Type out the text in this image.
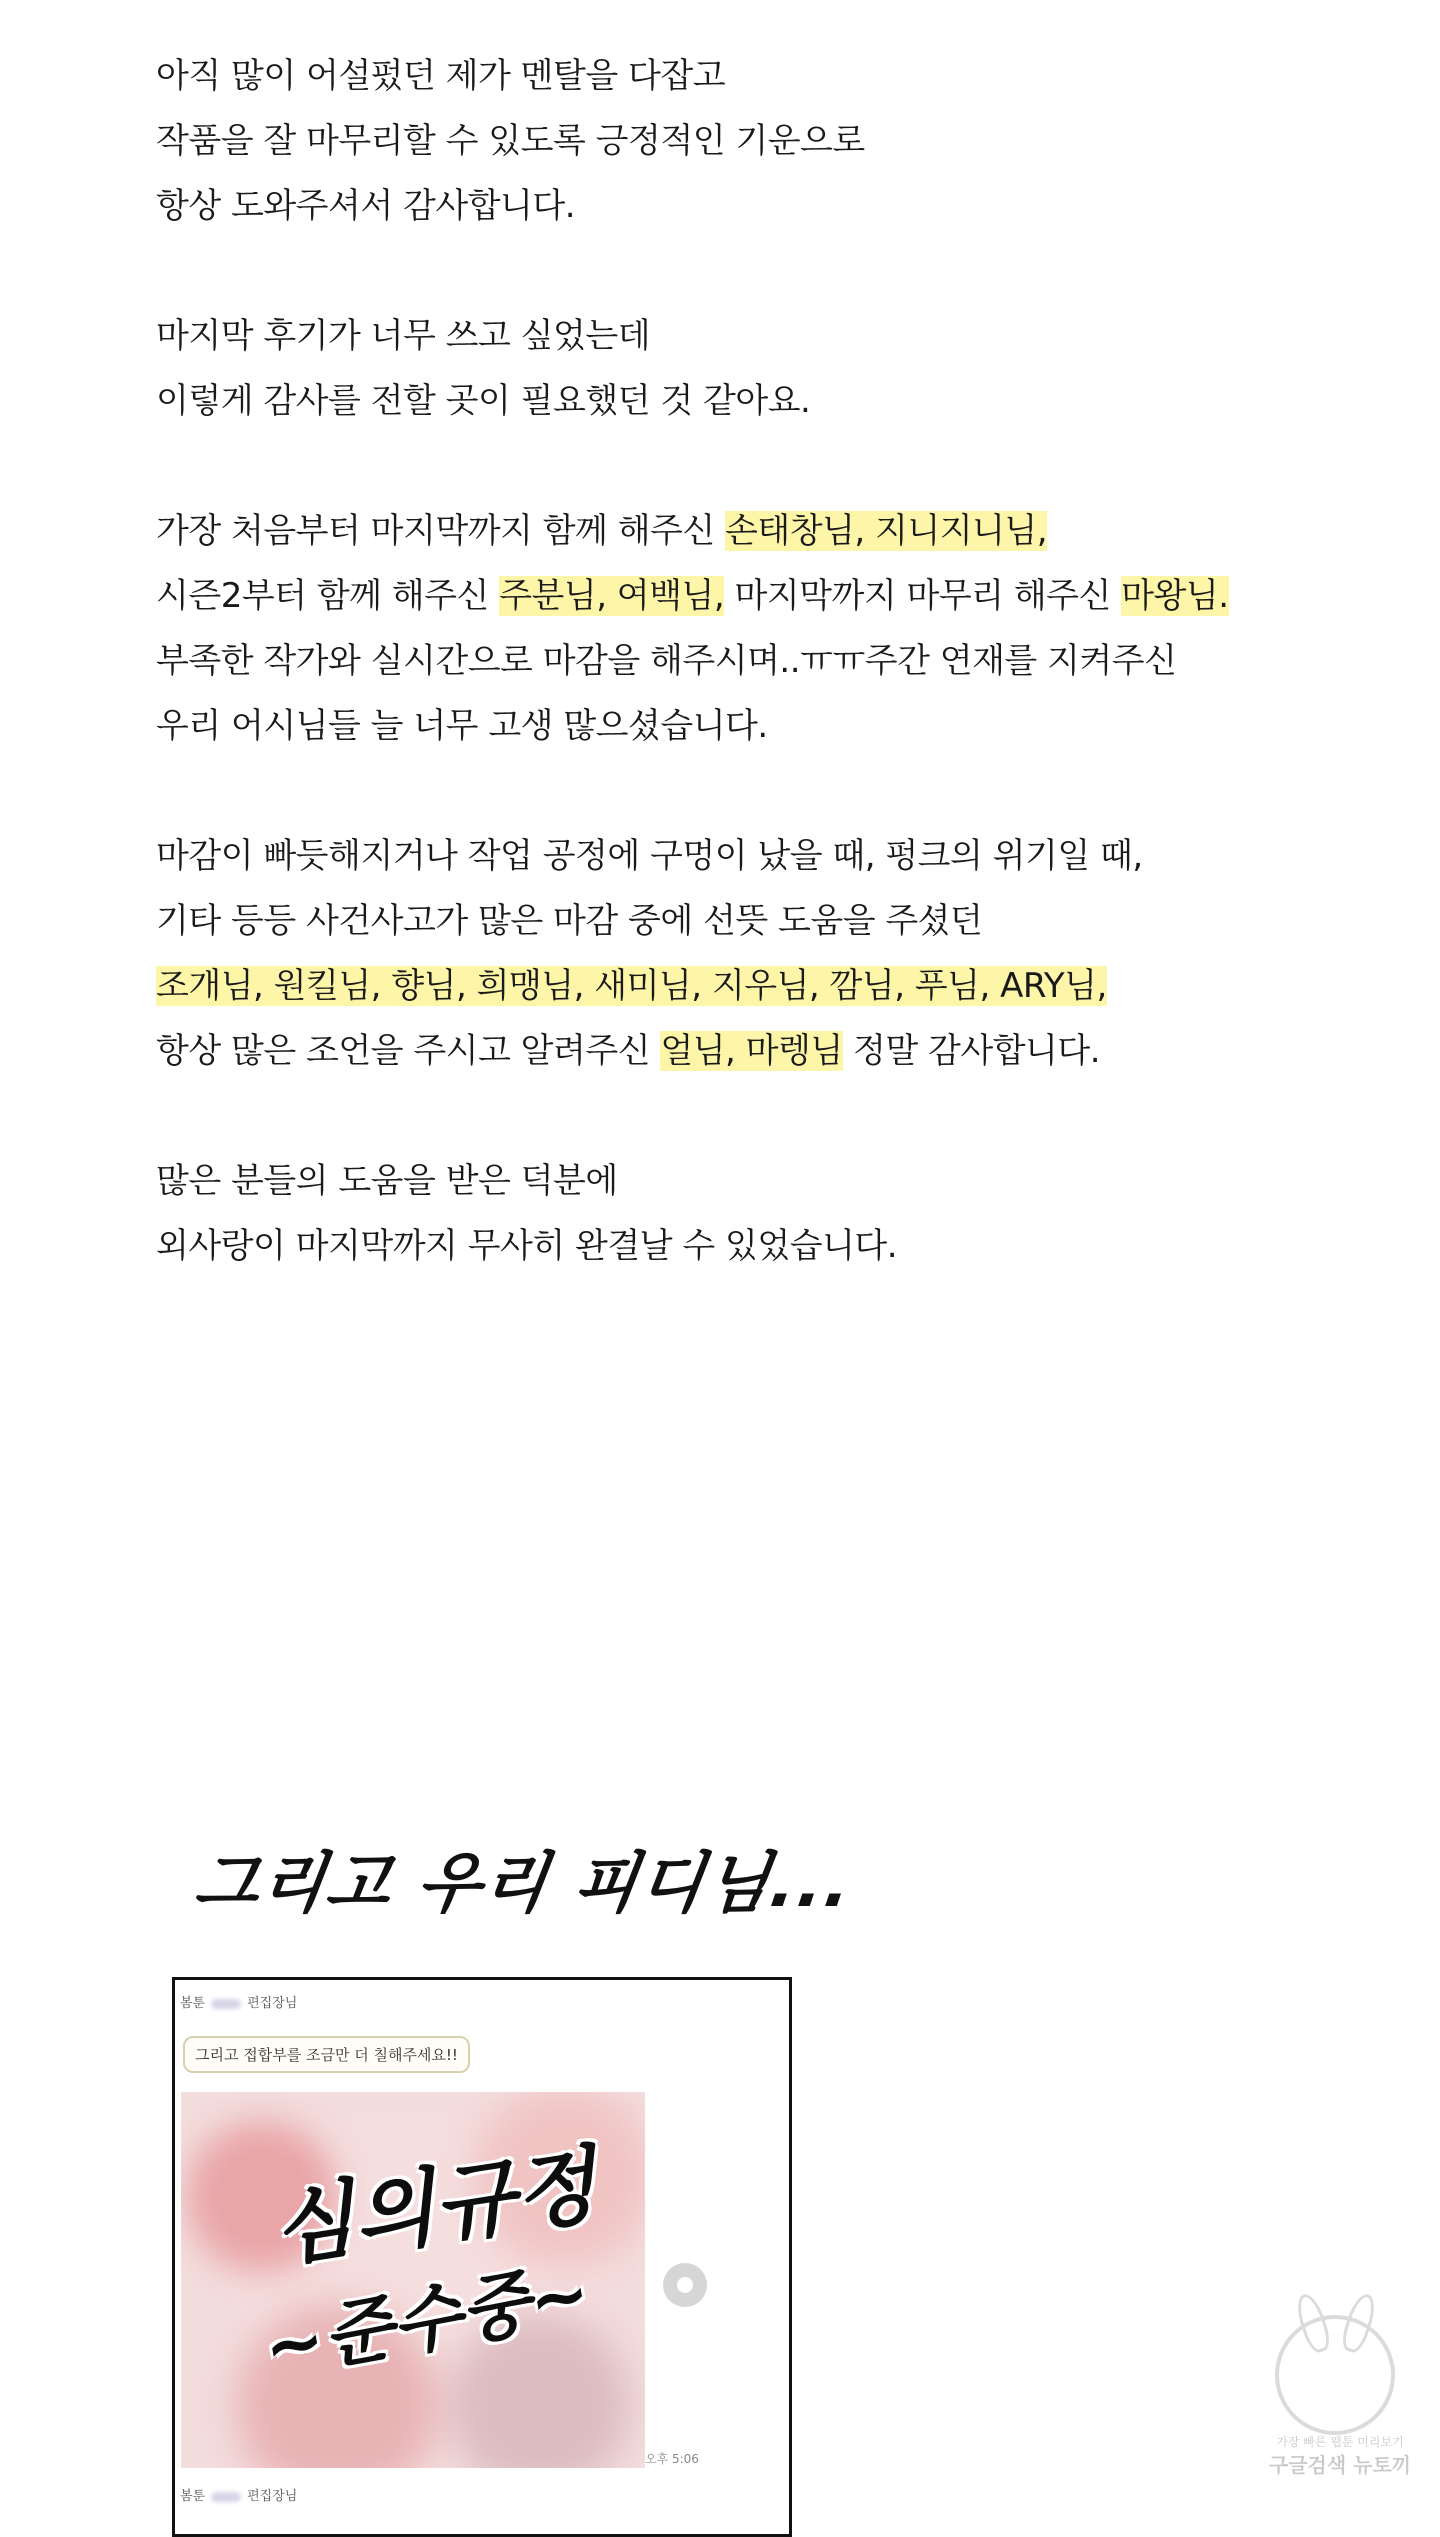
아직 많이 어설펐던 제가 멘탈을 다잡고
작품을 잘 마무리할 수 있도록 긍정적인 기운으로
항상 도와주셔서 감사합니다.
마지막 후기가 너무 쓰고 싶었는데
이렇게 감사를 전할 곳이 필요했던 것 같아요.
가장 처음부터 마지막까지 함께 해주신 손태창님, 지니지니님,
시즌2부터 함께 해주신 주분님, 여백님, 마지막까지 마무리 해주신 마왕님.
부족한 작가와 실시간으로 마감을 해주시며..ㅠㅠ주간 연재를 지켜주신
우리 어시님들 늘 너무 고생 많으셨습니다.
마감이 빠듯해지거나 작업 공정에 구멍이 났을 때, 펑크의 위기일 때,
기타 등등 사건사고가 많은 마감 중에 선뜻 도움을 주셨던
조개님, 원킬님, 향님, 희맹님, 새미님, 지우님, 깜님, 푸님, ARY님,
항상 많은 조언을 주시고 알려주신 얼님, 마렝님 정말 감사합니다.
많은 분들의 도움을 받은 덕분에
외사랑이 마지막까지 무사히 완결날 수 있었습니다.
그리고 우리 피디님...
봄툰	편집장님
그리고 접합부를 조금만 더 칠해주세요!!
심의규정
~준수중~
오후 5:06
봄툰	편집장님
가장 빠른 웹툰 미리보기
구글검색 뉴토끼
